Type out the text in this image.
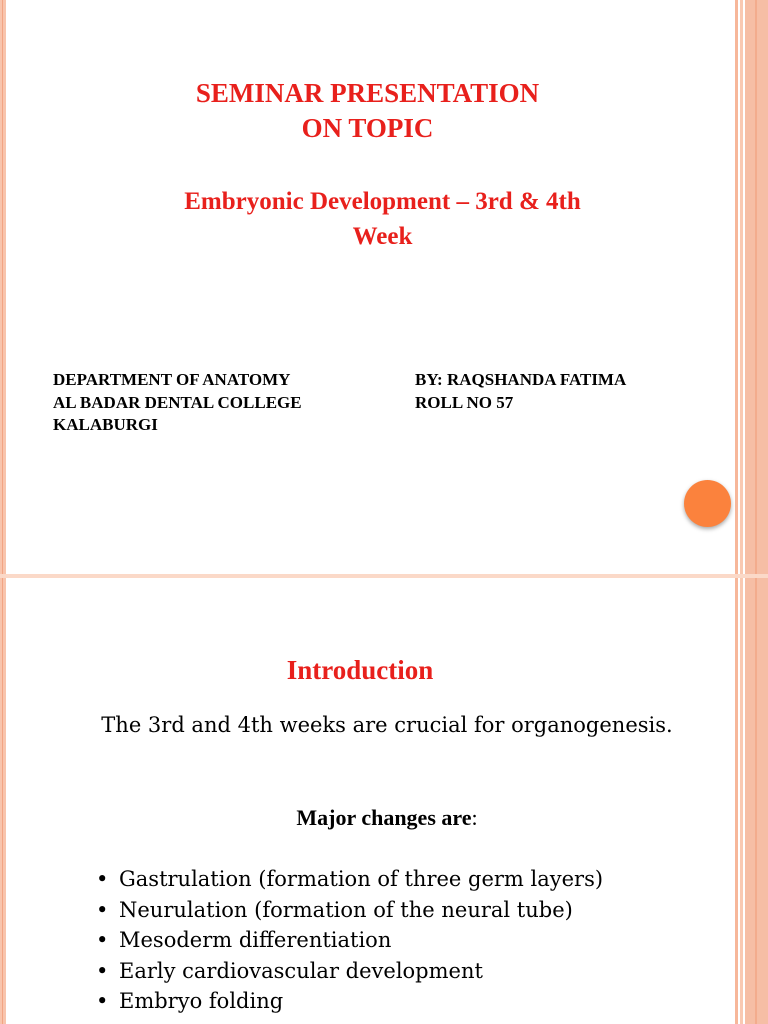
SEMINAR PRESENTATION
ON TOPIC
Embryonic Development – 3rd & 4th
Week
DEPARTMENT OF ANATOMY
AL BADAR DENTAL COLLEGE
KALABURGI
BY: RAQSHANDA FATIMA
ROLL NO 57
Introduction

The 3rd and 4th weeks are crucial for organogenesis.

Major changes are:

• Gastrulation (formation of three germ layers)
• Neurulation (formation of the neural tube)
• Mesoderm differentiation
• Early cardiovascular development
• Embryo folding
